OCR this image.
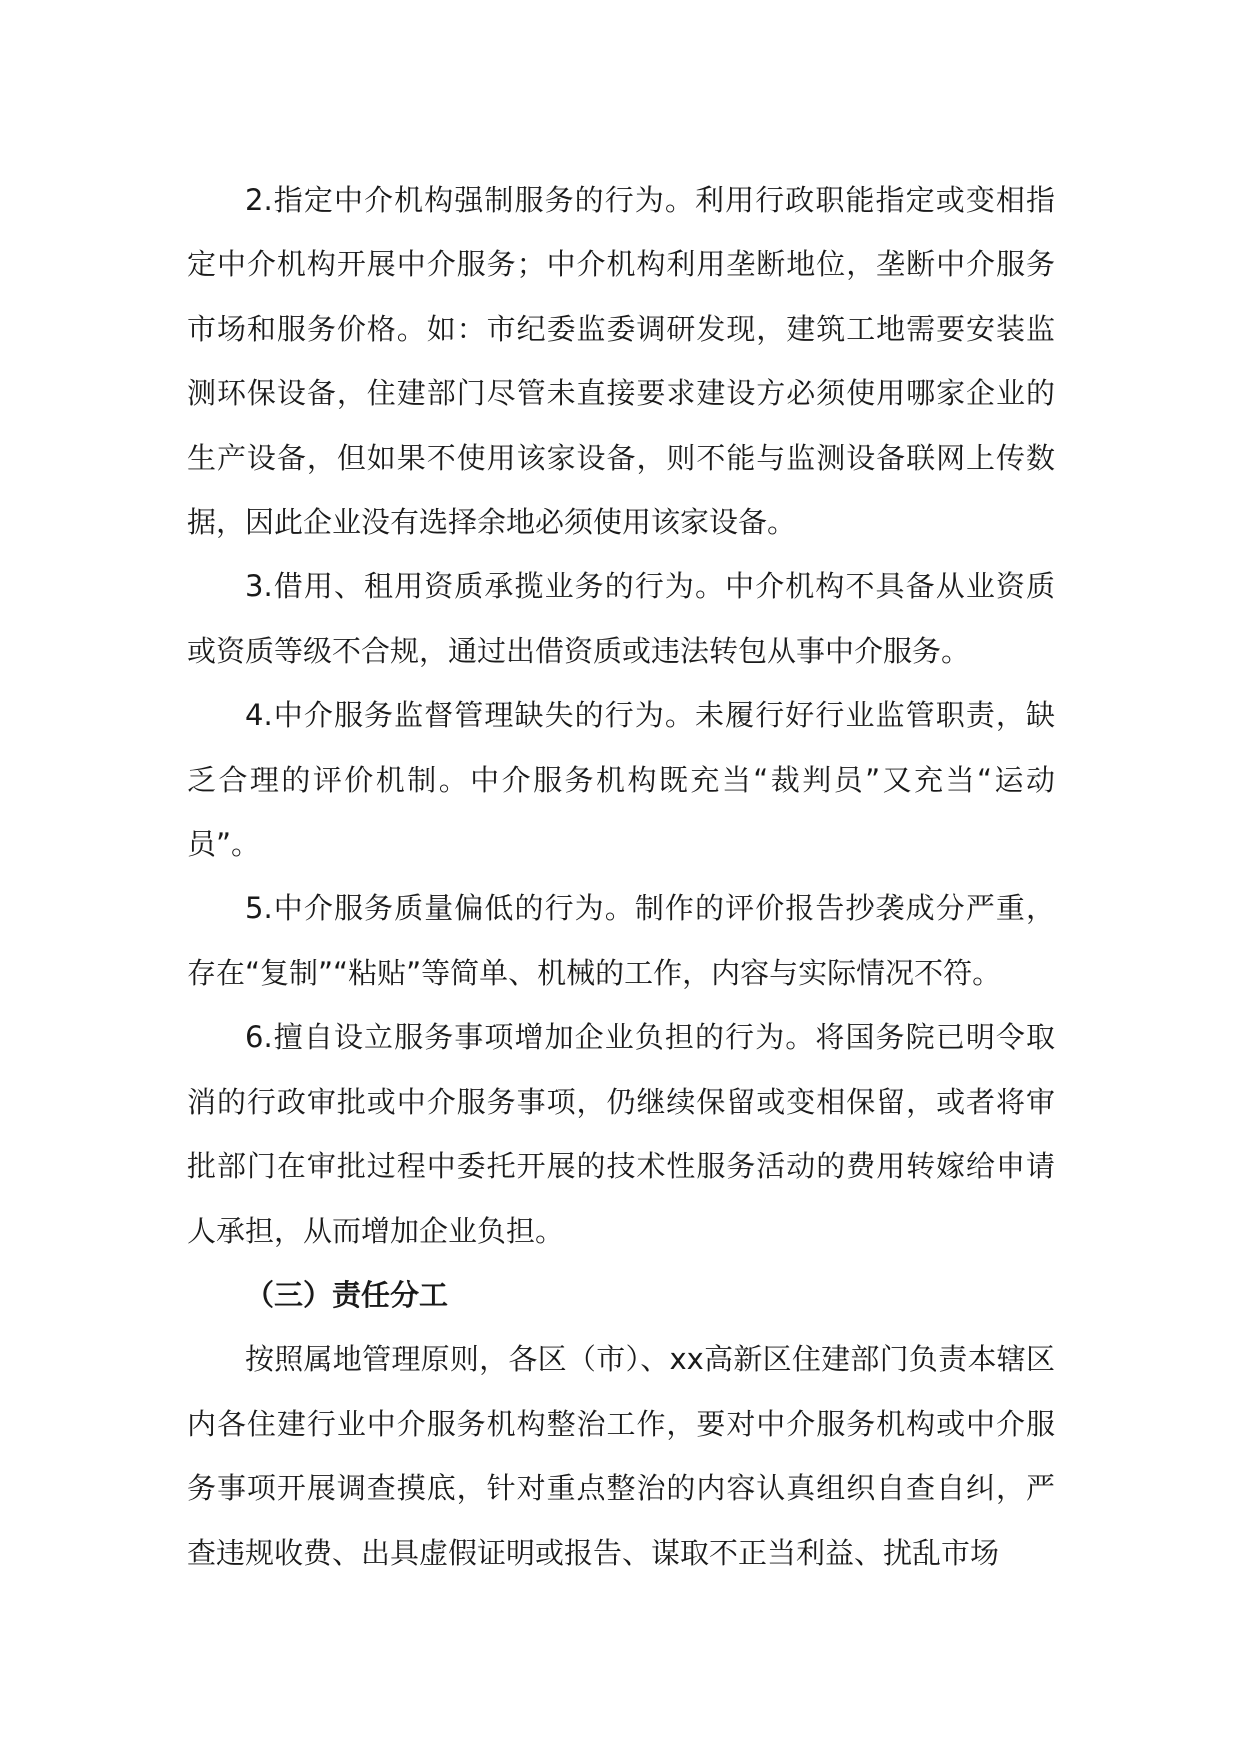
2.指定中介机构强制服务的行为。利用行政职能指定或变相指定中介机构开展中介服务；中介机构利用垄断地位，垄断中介服务市场和服务价格。如：市纪委监委调研发现，建筑工地需要安装监测环保设备，住建部门尽管未直接要求建设方必须使用哪家企业的生产设备，但如果不使用该家设备，则不能与监测设备联网上传数据，因此企业没有选择余地必须使用该家设备。

3.借用、租用资质承揽业务的行为。中介机构不具备从业资质或资质等级不合规，通过出借资质或违法转包从事中介服务。

4.中介服务监督管理缺失的行为。未履行好行业监管职责，缺乏合理的评价机制。中介服务机构既充当“裁判员”又充当“运动员”。

5.中介服务质量偏低的行为。制作的评价报告抄袭成分严重，存在“复制”“粘贴”等简单、机械的工作，内容与实际情况不符。

6.擅自设立服务事项增加企业负担的行为。将国务院已明令取消的行政审批或中介服务事项，仍继续保留或变相保留，或者将审批部门在审批过程中委托开展的技术性服务活动的费用转嫁给申请人承担，从而增加企业负担。

（三）责任分工

按照属地管理原则，各区（市）、xx高新区住建部门负责本辖区内各住建行业中介服务机构整治工作，要对中介服务机构或中介服务事项开展调查摸底，针对重点整治的内容认真组织自查自纠，严查违规收费、出具虚假证明或报告、谋取不正当利益、扰乱市场
